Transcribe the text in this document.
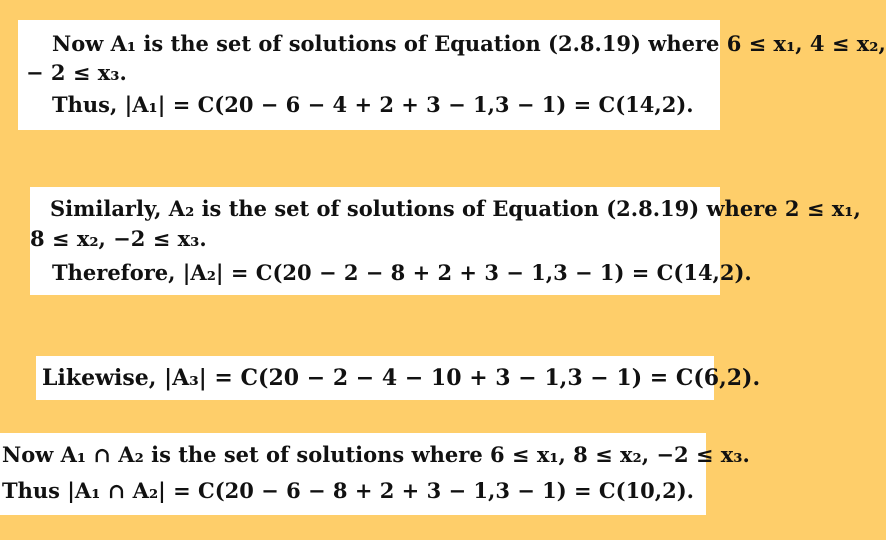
Now A₁ is the set of solutions of Equation (2.8.19) where 6 ≤ x₁, 4 ≤ x₂,
− 2 ≤ x₃.
Thus, |A₁| = C(20 − 6 − 4 + 2 + 3 − 1,3 − 1) = C(14,2).
Similarly, A₂ is the set of solutions of Equation (2.8.19) where 2 ≤ x₁,
8 ≤ x₂, −2 ≤ x₃.
Therefore, |A₂| = C(20 − 2 − 8 + 2 + 3 − 1,3 − 1) = C(14,2).
Likewise, |A₃| = C(20 − 2 − 4 − 10 + 3 − 1,3 − 1) = C(6,2).
Now A₁ ∩ A₂ is the set of solutions where 6 ≤ x₁, 8 ≤ x₂, −2 ≤ x₃.
Thus |A₁ ∩ A₂| = C(20 − 6 − 8 + 2 + 3 − 1,3 − 1) = C(10,2).
